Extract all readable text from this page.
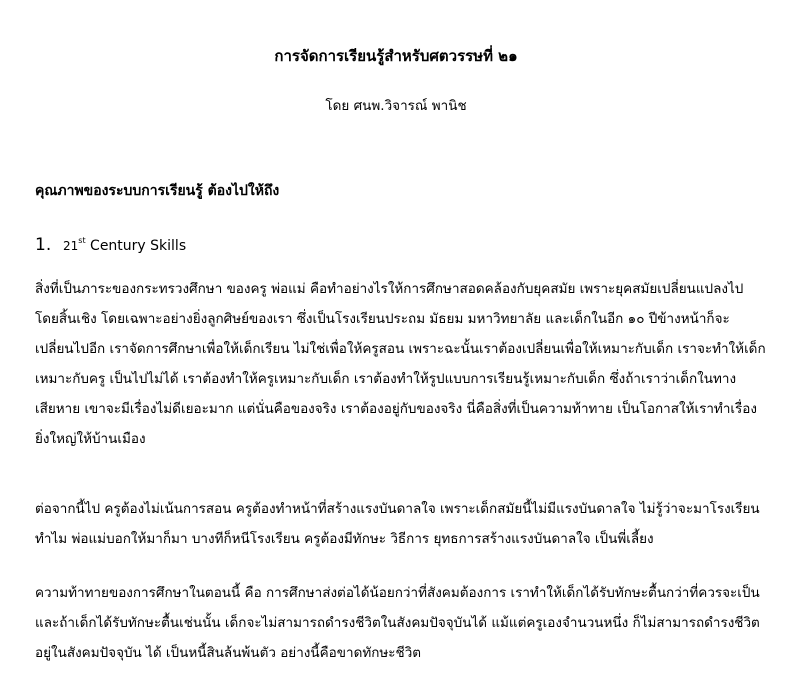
การจัดการเรียนรู้สำหรับศตวรรษที่ ๒๑
โดย ศนพ.วิจารณ์ พานิช
คุณภาพของระบบการเรียนรู้ ต้องไปให้ถึง
1. 21st Century Skills
สิ่งที่เป็นภาระของกระทรวงศึกษา ของครู พ่อแม่ คือทำอย่างไรให้การศึกษาสอดคล้องกับยุคสมัย เพราะยุคสมัยเปลี่ยนแปลงไป
โดยสิ้นเชิง โดยเฉพาะอย่างยิ่งลูกศิษย์ของเรา ซึ่งเป็นโรงเรียนประถม มัธยม มหาวิทยาลัย และเด็กในอีก ๑๐ ปีข้างหน้าก็จะ
เปลี่ยนไปอีก เราจัดการศึกษาเพื่อให้เด็กเรียน ไม่ใช่เพื่อให้ครูสอน เพราะฉะนั้นเราต้องเปลี่ยนเพื่อให้เหมาะกับเด็ก เราจะทำให้เด็ก
เหมาะกับครู เป็นไปไม่ได้ เราต้องทำให้ครูเหมาะกับเด็ก เราต้องทำให้รูปแบบการเรียนรู้เหมาะกับเด็ก ซึ่งถ้าเราว่าเด็กในทาง
เสียหาย เขาจะมีเรื่องไม่ดีเยอะมาก แต่นั่นคือของจริง เราต้องอยู่กับของจริง นี่คือสิ่งที่เป็นความท้าทาย เป็นโอกาสให้เราทำเรื่อง
ยิ่งใหญ่ให้บ้านเมือง
ต่อจากนี้ไป ครูต้องไม่เน้นการสอน ครูต้องทำหน้าที่สร้างแรงบันดาลใจ เพราะเด็กสมัยนี้ไม่มีแรงบันดาลใจ ไม่รู้ว่าจะมาโรงเรียน
ทำไม พ่อแม่บอกให้มาก็มา บางทีก็หนีโรงเรียน ครูต้องมีทักษะ วิธีการ ยุทธการสร้างแรงบันดาลใจ เป็นพี่เลี้ยง
ความท้าทายของการศึกษาในตอนนี้ คือ การศึกษาส่งต่อได้น้อยกว่าที่สังคมต้องการ เราทำให้เด็กได้รับทักษะตื้นกว่าที่ควรจะเป็น
และถ้าเด็กได้รับทักษะตื้นเช่นนั้น เด็กจะไม่สามารถดำรงชีวิตในสังคมปัจจุบันได้ แม้แต่ครูเองจำนวนหนึ่ง ก็ไม่สามารถดำรงชีวิต
อยู่ในสังคมปัจจุบัน ได้ เป็นหนี้สินล้นพ้นตัว อย่างนี้คือขาดทักษะชีวิต
